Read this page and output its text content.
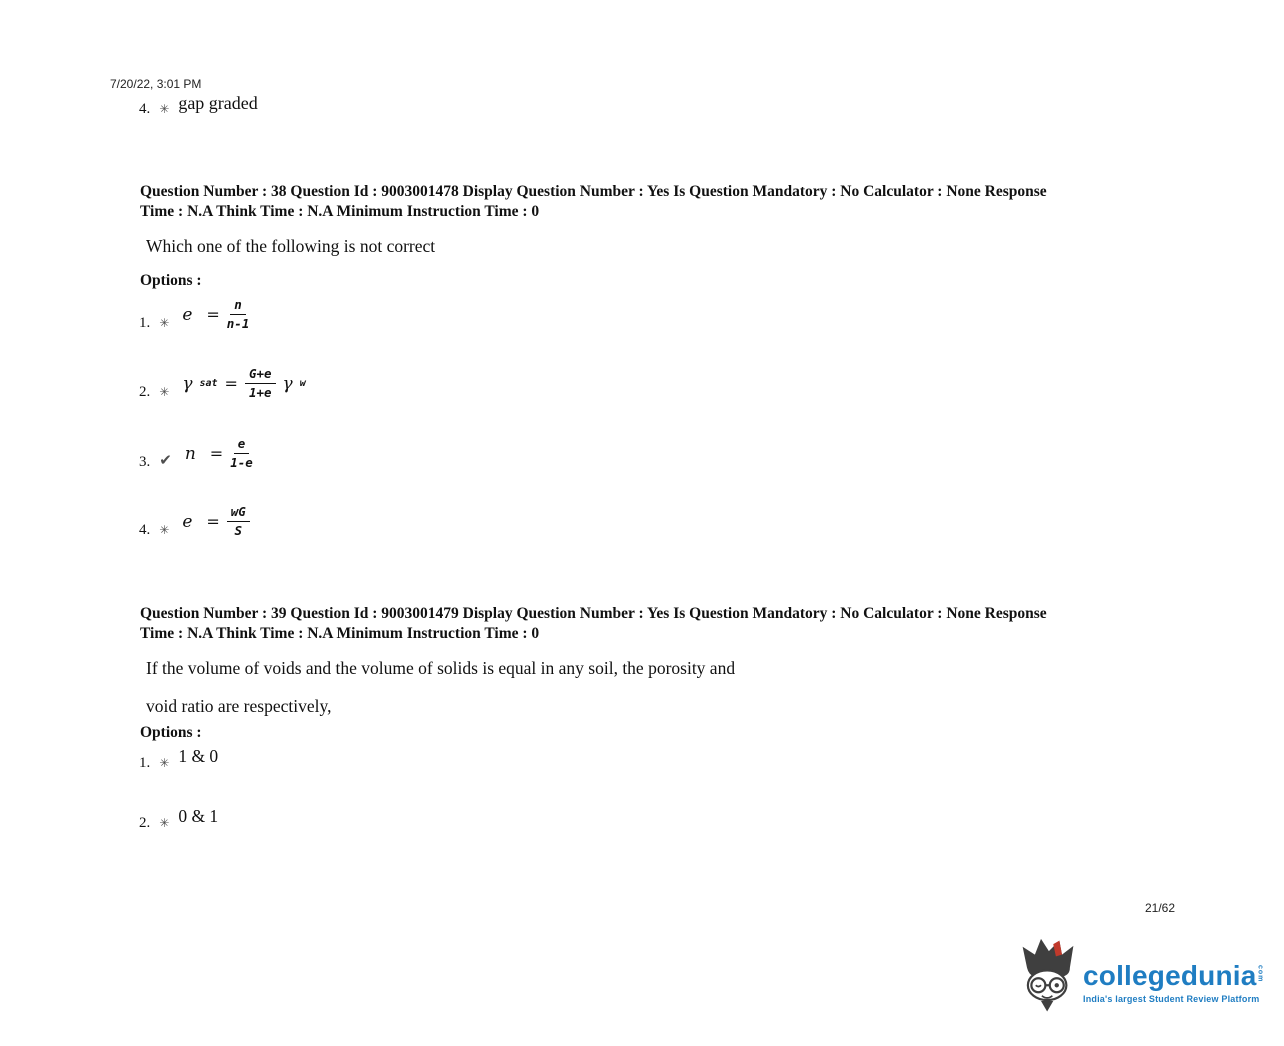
7/20/22, 3:01 PM
4. ✳ gap graded
Question Number : 38 Question Id : 9003001478 Display Question Number : Yes Is Question Mandatory : No Calculator : None Response
Time : N.A Think Time : N.A Minimum Instruction Time : 0
Which one of the following is not correct
Options :
1. ✳ $e = \frac{n}{n-1}$
2. ✳ γ sat = $\frac{G+e}{1+e}$ γ w
3. ✔ $n = \frac{e}{1-e}$
4. ✳ $e = \frac{wG}{S}$
Question Number : 39 Question Id : 9003001479 Display Question Number : Yes Is Question Mandatory : No Calculator : None Response
Time : N.A Think Time : N.A Minimum Instruction Time : 0
If the volume of voids and the volume of solids is equal in any soil, the porosity and
void ratio are respectively,
Options :
1. ✳ 1 & 0
2. ✳ 0 & 1
21/62
collegedunia com
India's largest Student Review Platform
